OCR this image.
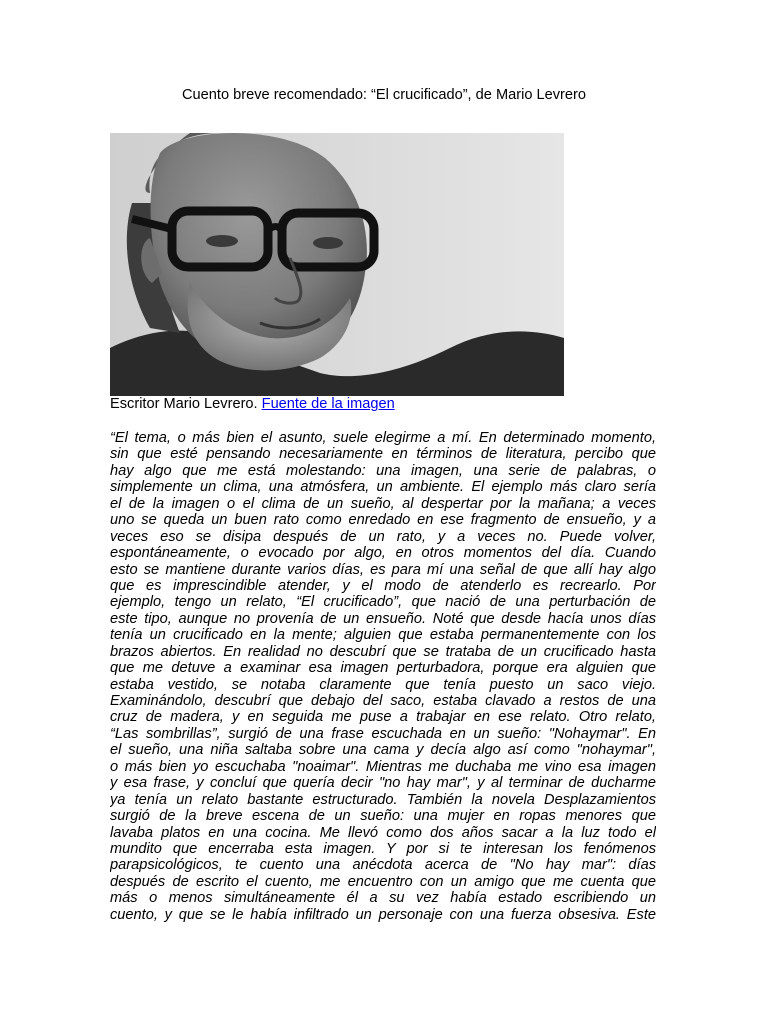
Cuento breve recomendado: “El crucificado”, de Mario Levrero
Escritor Mario Levrero. Fuente de la imagen
“El tema, o más bien el asunto, suele elegirme a mí. En determinado momento,
sin que esté pensando necesariamente en términos de literatura, percibo que
hay algo que me está molestando: una imagen, una serie de palabras, o
simplemente un clima, una atmósfera, un ambiente. El ejemplo más claro sería
el de la imagen o el clima de un sueño, al despertar por la mañana; a veces
uno se queda un buen rato como enredado en ese fragmento de ensueño, y a
veces eso se disipa después de un rato, y a veces no. Puede volver,
espontáneamente, o evocado por algo, en otros momentos del día. Cuando
esto se mantiene durante varios días, es para mí una señal de que allí hay algo
que es imprescindible atender, y el modo de atenderlo es recrearlo. Por
ejemplo, tengo un relato, “El crucificado”, que nació de una perturbación de
este tipo, aunque no provenía de un ensueño. Noté que desde hacía unos días
tenía un crucificado en la mente; alguien que estaba permanentemente con los
brazos abiertos. En realidad no descubrí que se trataba de un crucificado hasta
que me detuve a examinar esa imagen perturbadora, porque era alguien que
estaba vestido, se notaba claramente que tenía puesto un saco viejo.
Examinándolo, descubrí que debajo del saco, estaba clavado a restos de una
cruz de madera, y en seguida me puse a trabajar en ese relato. Otro relato,
“Las sombrillas”, surgió de una frase escuchada en un sueño: "Nohaymar". En
el sueño, una niña saltaba sobre una cama y decía algo así como "nohaymar",
o más bien yo escuchaba "noaimar". Mientras me duchaba me vino esa imagen
y esa frase, y concluí que quería decir "no hay mar", y al terminar de ducharme
ya tenía un relato bastante estructurado. También la novela Desplazamientos
surgió de la breve escena de un sueño: una mujer en ropas menores que
lavaba platos en una cocina. Me llevó como dos años sacar a la luz todo el
mundito que encerraba esta imagen. Y por si te interesan los fenómenos
parapsicológicos, te cuento una anécdota acerca de "No hay mar": días
después de escrito el cuento, me encuentro con un amigo que me cuenta que
más o menos simultáneamente él a su vez había estado escribiendo un
cuento, y que se le había infiltrado un personaje con una fuerza obsesiva. Este
